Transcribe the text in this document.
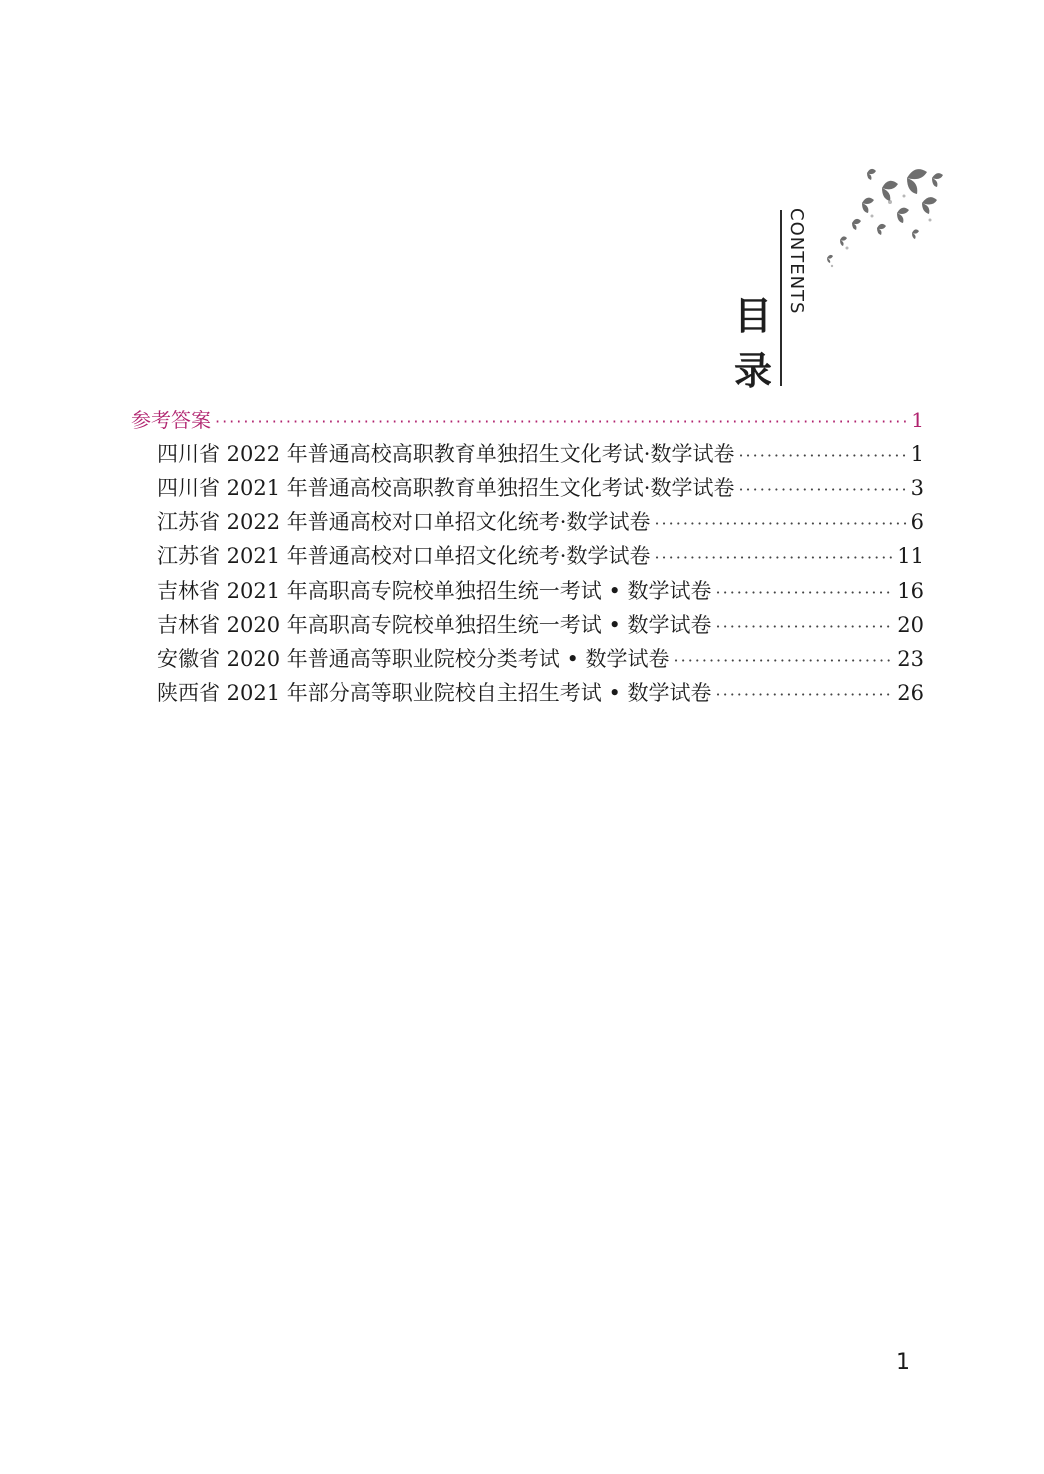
CONTENTS
目
录
参考答案 ·····	1
四川省 2022 年普通高校高职教育单独招生文化考试·数学试卷 ·····	1
四川省 2021 年普通高校高职教育单独招生文化考试·数学试卷 ·····	3
江苏省 2022 年普通高校对口单招文化统考·数学试卷 ·····	6
江苏省 2021 年普通高校对口单招文化统考·数学试卷 ·····	11
吉林省 2021 年高职高专院校单独招生统一考试 • 数学试卷 ·····	16
吉林省 2020 年高职高专院校单独招生统一考试 • 数学试卷 ·····	20
安徽省 2020 年普通高等职业院校分类考试 • 数学试卷 ·····	23
陕西省 2021 年部分高等职业院校自主招生考试 • 数学试卷 ·····	26
1
